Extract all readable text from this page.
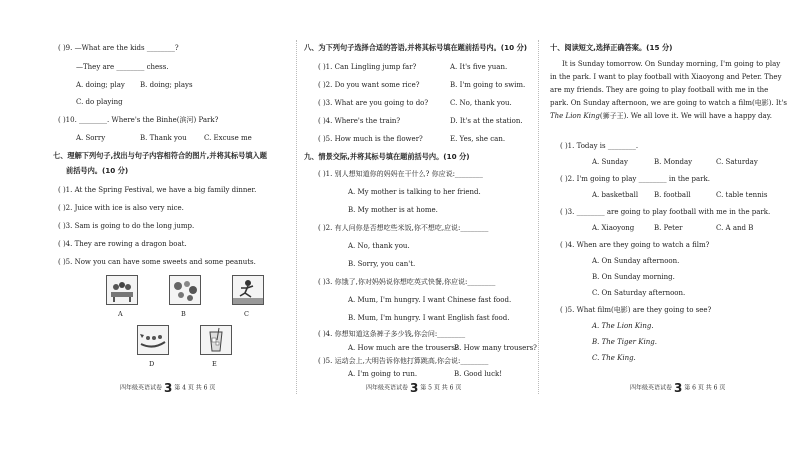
( )9. —What are the kids ________?
—They are ________ chess.
A. doing; play B. doing; plays
C. do playing
( )10. ________. Where's the Binhe(滨河) Park?
A. Sorry	B. Thank you C. Excuse me
七、理解下列句子,找出与句子内容相符合的图片,并将其标号填入题
前括号内。(10 分)
( )1. At the Spring Festival, we have a big family dinner.
( )2. Juice with ice is also very nice.
( )3. Sam is going to do the long jump.
( )4. They are rowing a dragon boat.
( )5. Now you can have some sweets and some peanuts.
A	B	C
D	E
四年级英语试卷 3 第 4 页 共 6 页
八、为下列句子选择合适的答语,并将其标号填在题前括号内。(10 分)
( )1. Can Lingling jump far?	A. It's five yuan.
( )2. Do you want some rice?	B. I'm going to swim.
( )3. What are you going to do?	C. No, thank you.
( )4. Where's the train?	D. It's at the station.
( )5. How much is the flower?	E. Yes, she can.
九、情景交际,并将其标号填在题前括号内。(10 分)
( )1. 别人想知道你的妈妈在干什么? 你应说:________
A. My mother is talking to her friend.
B. My mother is at home.
( )2. 有人问你是否想吃些米饭,你不想吃,应说:________
A. No, thank you.
B. Sorry, you can't.
( )3. 你饿了,你对妈妈说你想吃英式快餐,你应说:________
A. Mum, I'm hungry. I want Chinese fast food.
B. Mum, I'm hungry. I want English fast food.
( )4. 你想知道这条裤子多少钱,你会问:________
A. How much are the trousers?
B. How many trousers?
四年级英语试卷 3 第 5 页 共 6 页
( )5. 运动会上,大明告诉你他打算跳高,你会说:________
A. I'm going to run.	B. Good luck!
十、阅读短文,选择正确答案。(15 分)
It is Sunday tomorrow. On Sunday morning, I'm going to play in the park. I want to play football with Xiaoyong and Peter. They are my friends. They are going to play football with me in the park. On Sunday afternoon, we are going to watch a film(电影). It's The Lion King(狮子王). We all love it. We will have a happy day.
( )1. Today is ________.
A. Sunday	B. Monday	C. Saturday
( )2. I'm going to play ________ in the park.
A. basketball B. football	C. table tennis
( )3. ________ are going to play football with me in the park.
A. Xiaoyong	B. Peter	C. A and B
( )4. When are they going to watch a film?
A. On Sunday afternoon.
B. On Sunday morning.
C. On Saturday afternoon.
( )5. What film(电影) are they going to see?
A. The Lion King.
B. The Tiger King.
C. The King.
四年级英语试卷 3 第 6 页 共 6 页
